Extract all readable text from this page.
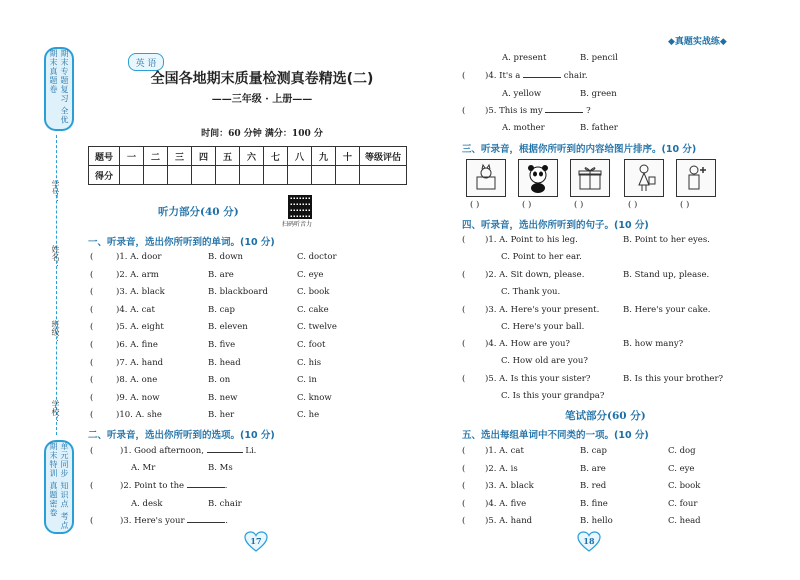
期末专题复习 全优期末真题卷
学号：
姓名：
班级：
学校：
单元同步 知识点 考点 期末特训 真题密卷
◆真题实战练◆
英 语
全国各地期末质量检测真卷精选(二)
——三年级 · 上册——
时间：60 分钟 满分：100 分
题号	一	二	三	四	五	六	七	八	九	十	等级评估
得分											
听力部分(40 分)
扫码听音力
一、听录音，选出你所听到的单词。(10 分)
(	)1. A. door	B. down	C. doctor
(	)2. A. arm	B. are	C. eye
(	)3. A. black	B. blackboard	C. book
(	)4. A. cat	B. cap	C. cake
(	)5. A. eight	B. eleven	C. twelve
(	)6. A. fine	B. five	C. foot
(	)7. A. hand	B. head	C. his
(	)8. A. one	B. on	C. in
(	)9. A. now	B. new	C. know
(	)10. A. she	B. her	C. he
二、听录音，选出你所听到的选项。(10 分)
(	)1. Good afternoon,	Li.
A. Mr	B. Ms
(	)2. Point to the	.
A. desk	B. chair
(	)3. Here's your	.
17
A. present	B. pencil
( )4. It's a	chair.
A. yellow	B. green
( )5. This is my	?
A. mother	B. father
三、听录音，根据你所听到的内容给图片排序。(10 分)
( )	( )	( )	( )	( )
四、听录音，选出你所听到的句子。(10 分)
( )1. A. Point to his leg.	B. Point to her eyes.
C. Point to her ear.
( )2. A. Sit down, please.	B. Stand up, please.
C. Thank you.
( )3. A. Here's your present.	B. Here's your cake.
C. Here's your ball.
( )4. A. How are you?	B. how many?
C. How old are you?
( )5. A. Is this your sister?	B. Is this your brother?
C. Is this your grandpa?
笔试部分(60 分)
五、选出每组单词中不同类的一项。(10 分)
( )1. A. cat	B. cap	C. dog
( )2. A. is	B. are	C. eye
( )3. A. black	B. red	C. book
( )4. A. five	B. fine	C. four
( )5. A. hand	B. hello	C. head
18
